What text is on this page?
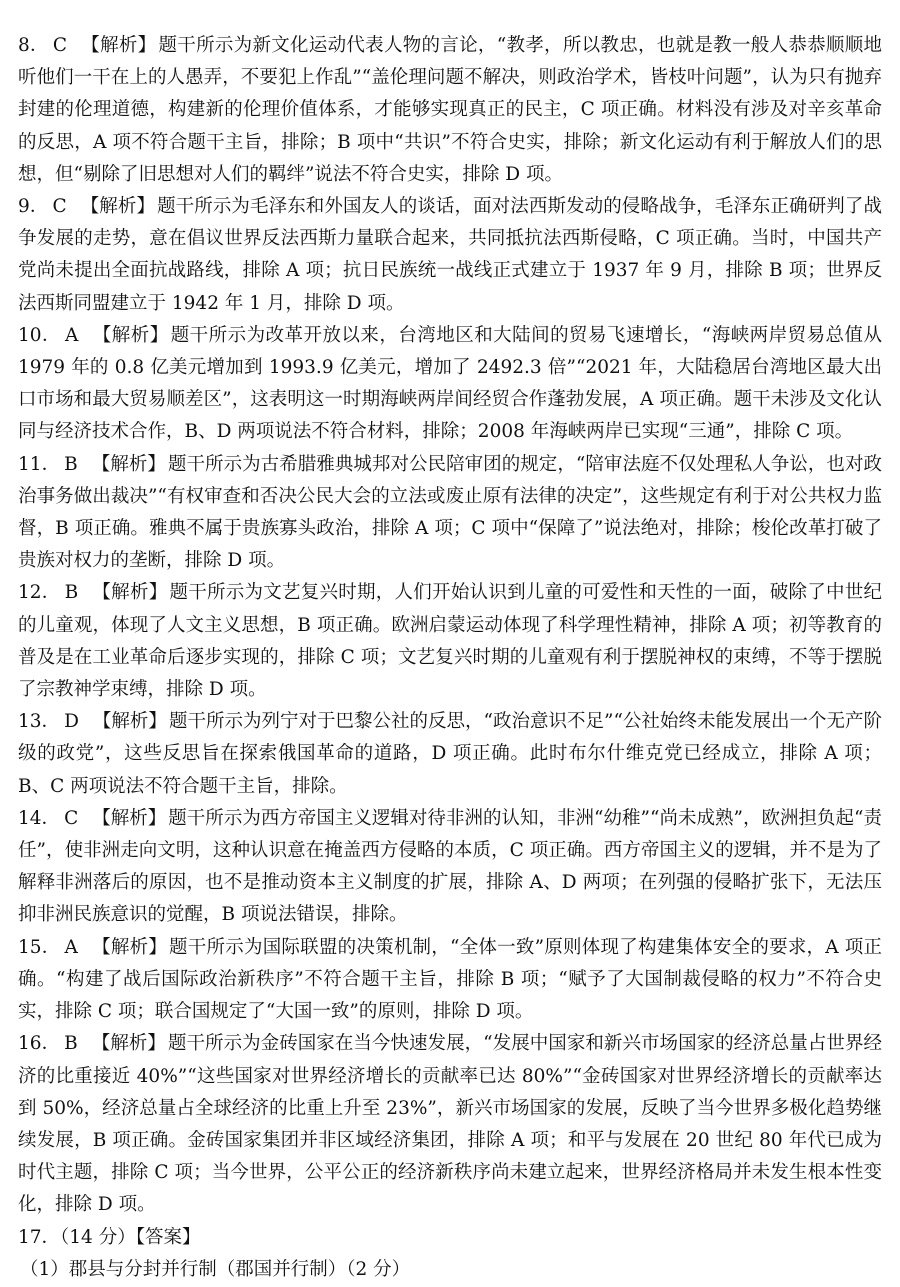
8． C 【解析】 题干所示为新文化运动代表人物的言论，“教孝，所以教忠，也就是教一般人恭恭顺顺地听他们一干在上的人愚弄，不要犯上作乱”“盖伦理问题不解决，则政治学术，皆枝叶问题”，认为只有抛弃封建的伦理道德，构建新的伦理价值体系，才能够实现真正的民主，C 项正确。材料没有涉及对辛亥革命的反思，A 项不符合题干主旨，排除；B 项中“共识”不符合史实，排除；新文化运动有利于解放人们的思想，但“剔除了旧思想对人们的羁绊”说法不符合史实，排除 D 项。

9． C 【解析】 题干所示为毛泽东和外国友人的谈话，面对法西斯发动的侵略战争，毛泽东正确研判了战争发展的走势，意在倡议世界反法西斯力量联合起来，共同抵抗法西斯侵略，C 项正确。当时，中国共产党尚未提出全面抗战路线，排除 A 项；抗日民族统一战线正式建立于 1937 年 9 月，排除 B 项；世界反法西斯同盟建立于 1942 年 1 月，排除 D 项。

10． A 【解析】 题干所示为改革开放以来，台湾地区和大陆间的贸易飞速增长，“海峡两岸贸易总值从 1979 年的 0.8 亿美元增加到 1993.9 亿美元，增加了 2492.3 倍”“2021 年，大陆稳居台湾地区最大出口市场和最大贸易顺差区”，这表明这一时期海峡两岸间经贸合作蓬勃发展，A 项正确。题干未涉及文化认同与经济技术合作，B、D 两项说法不符合材料，排除；2008 年海峡两岸已实现“三通”，排除 C 项。

11． B 【解析】 题干所示为古希腊雅典城邦对公民陪审团的规定，“陪审法庭不仅处理私人争讼，也对政治事务做出裁决”“有权审查和否决公民大会的立法或废止原有法律的决定”，这些规定有利于对公共权力监督，B 项正确。雅典不属于贵族寡头政治，排除 A 项；C 项中“保障了”说法绝对，排除；梭伦改革打破了贵族对权力的垄断，排除 D 项。

12． B 【解析】 题干所示为文艺复兴时期，人们开始认识到儿童的可爱性和天性的一面，破除了中世纪的儿童观，体现了人文主义思想，B 项正确。欧洲启蒙运动体现了科学理性精神，排除 A 项；初等教育的普及是在工业革命后逐步实现的，排除 C 项；文艺复兴时期的儿童观有利于摆脱神权的束缚，不等于摆脱了宗教神学束缚，排除 D 项。

13． D 【解析】 题干所示为列宁对于巴黎公社的反思，“政治意识不足”“公社始终未能发展出一个无产阶级的政党”，这些反思旨在探索俄国革命的道路，D 项正确。此时布尔什维克党已经成立，排除 A 项；B、C 两项说法不符合题干主旨，排除。

14． C 【解析】 题干所示为西方帝国主义逻辑对待非洲的认知，非洲“幼稚”“尚未成熟”，欧洲担负起“责任”，使非洲走向文明，这种认识意在掩盖西方侵略的本质，C 项正确。西方帝国主义的逻辑，并不是为了解释非洲落后的原因，也不是推动资本主义制度的扩展，排除 A、D 两项；在列强的侵略扩张下，无法压抑非洲民族意识的觉醒，B 项说法错误，排除。

15． A 【解析】 题干所示为国际联盟的决策机制，“全体一致”原则体现了构建集体安全的要求，A 项正确。“构建了战后国际政治新秩序”不符合题干主旨，排除 B 项；“赋予了大国制裁侵略的权力”不符合史实，排除 C 项；联合国规定了“大国一致”的原则，排除 D 项。

16． B 【解析】 题干所示为金砖国家在当今快速发展，“发展中国家和新兴市场国家的经济总量占世界经济的比重接近 40%”“这些国家对世界经济增长的贡献率已达 80%”“金砖国家对世界经济增长的贡献率达到 50%，经济总量占全球经济的比重上升至 23%”，新兴市场国家的发展，反映了当今世界多极化趋势继续发展，B 项正确。金砖国家集团并非区域经济集团，排除 A 项；和平与发展在 20 世纪 80 年代已成为时代主题，排除 C 项；当今世界，公平公正的经济新秩序尚未建立起来，世界经济格局并未发生根本性变化，排除 D 项。

17．（14 分）【答案】

（1）郡县与分封并行制（郡国并行制）（2 分）
